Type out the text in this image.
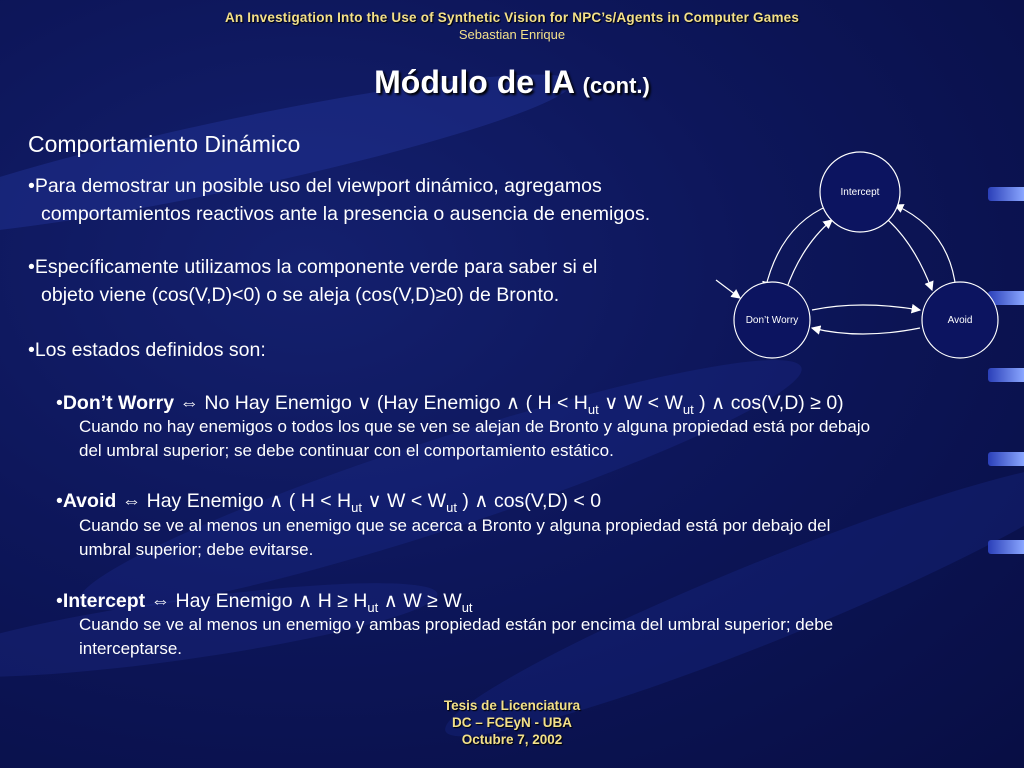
An Investigation Into the Use of Synthetic Vision for NPC’s/Agents in Computer Games
Sebastian Enrique
Módulo de IA (cont.)
Comportamiento Dinámico
•Para demostrar un posible uso del viewport dinámico, agregamos

comportamientos reactivos ante la presencia o ausencia de enemigos.
•Específicamente utilizamos la componente verde para saber si el

objeto viene (cos(V,D)<0) o se aleja (cos(V,D)≥0) de Bronto.
•Los estados definidos son:
•Don’t Worry ⇔ No Hay Enemigo ∨ (Hay Enemigo ∧ ( $H < H_{ut}$ ∨ $W < W_{ut}$ ) ∧ cos(V,D) ≥ 0)
Cuando no hay enemigos o todos los que se ven se alejan de Bronto y alguna propiedad está por debajo
del umbral superior; se debe continuar con el comportamiento estático.
•Avoid ⇔ Hay Enemigo ∧ ( $H < H_{ut}$ ∨ $W < W_{ut}$ ) ∧ cos(V,D) < 0
Cuando se ve al menos un enemigo que se acerca a Bronto y alguna propiedad está por debajo del
umbral superior; debe evitarse.
•Intercept ⇔ Hay Enemigo ∧ $H \ge H_{ut}$ ∧ $W \ge W_{ut}$
Cuando se ve al menos un enemigo y ambas propiedad están por encima del umbral superior; debe
interceptarse.
Intercept
Don’t Worry	Avoid
Tesis de Licenciatura
DC – FCEyN - UBA
Octubre 7, 2002
